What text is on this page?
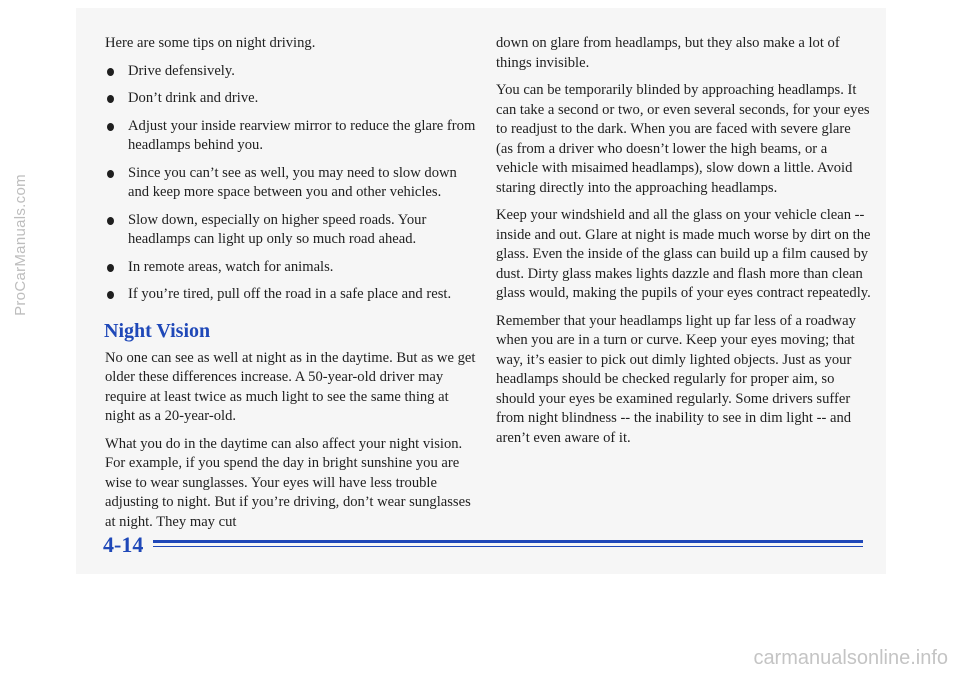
ProCarManuals.com

Here are some tips on night driving.

Drive defensively.
Don’t drink and drive.
Adjust your inside rearview mirror to reduce the glare from headlamps behind you.
Since you can’t see as well, you may need to slow down and keep more space between you and other vehicles.
Slow down, especially on higher speed roads. Your headlamps can light up only so much road ahead.
In remote areas, watch for animals.
If you’re tired, pull off the road in a safe place and rest.
Night Vision

No one can see as well at night as in the daytime. But as we get older these differences increase. A 50-year-old driver may require at least twice as much light to see the same thing at night as a 20-year-old.

What you do in the daytime can also affect your night vision. For example, if you spend the day in bright sunshine you are wise to wear sunglasses. Your eyes will have less trouble adjusting to night. But if you’re driving, don’t wear sunglasses at night. They may cut

down on glare from headlamps, but they also make a lot of things invisible.

You can be temporarily blinded by approaching headlamps. It can take a second or two, or even several seconds, for your eyes to readjust to the dark. When you are faced with severe glare (as from a driver who doesn’t lower the high beams, or a vehicle with misaimed headlamps), slow down a little. Avoid staring directly into the approaching headlamps.

Keep your windshield and all the glass on your vehicle clean -- inside and out. Glare at night is made much worse by dirt on the glass. Even the inside of the glass can build up a film caused by dust. Dirty glass makes lights dazzle and flash more than clean glass would, making the pupils of your eyes contract repeatedly.

Remember that your headlamps light up far less of a roadway when you are in a turn or curve. Keep your eyes moving; that way, it’s easier to pick out dimly lighted objects. Just as your headlamps should be checked regularly for proper aim, so should your eyes be examined regularly. Some drivers suffer from night blindness -- the inability to see in dim light -- and aren’t even aware of it.

4-14
carmanualsonline.info
